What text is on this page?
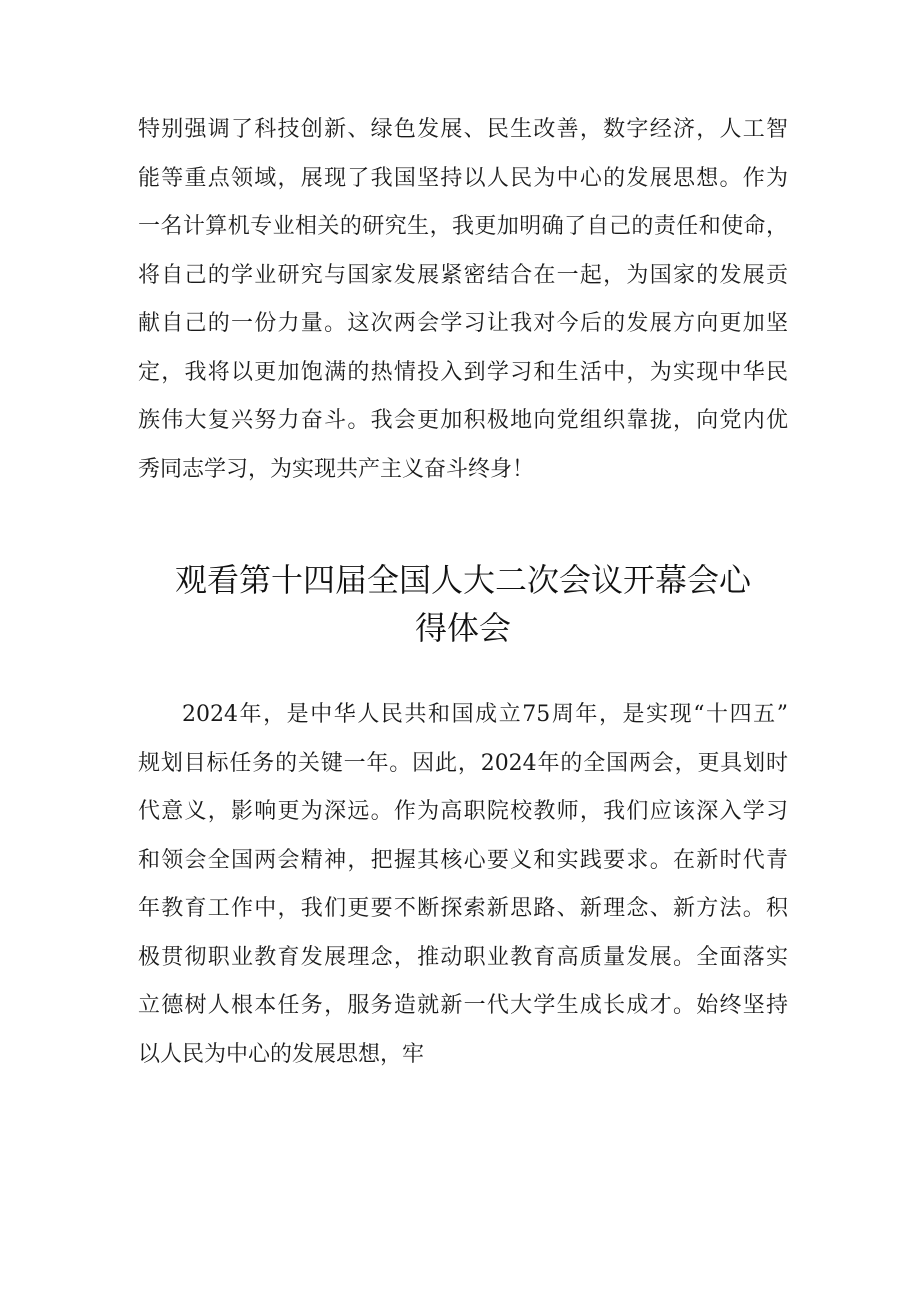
特别强调了科技创新、绿色发展、民生改善，数字经济，人工智
能等重点领域，展现了我国坚持以人民为中心的发展思想。作为
一名计算机专业相关的研究生，我更加明确了自己的责任和使命，
将自己的学业研究与国家发展紧密结合在一起，为国家的发展贡
献自己的一份力量。这次两会学习让我对今后的发展方向更加坚
定，我将以更加饱满的热情投入到学习和生活中，为实现中华民
族伟大复兴努力奋斗。我会更加积极地向党组织靠拢，向党内优
秀同志学习，为实现共产主义奋斗终身！
观看第十四届全国人大二次会议开幕会心
得体会
2024年，是中华人民共和国成立75周年，是实现“十四五”
规划目标任务的关键一年。因此，2024年的全国两会，更具划时
代意义，影响更为深远。作为高职院校教师，我们应该深入学习
和领会全国两会精神，把握其核心要义和实践要求。在新时代青
年教育工作中，我们更要不断探索新思路、新理念、新方法。积
极贯彻职业教育发展理念，推动职业教育高质量发展。全面落实
立德树人根本任务，服务造就新一代大学生成长成才。始终坚持
以人民为中心的发展思想，牢
